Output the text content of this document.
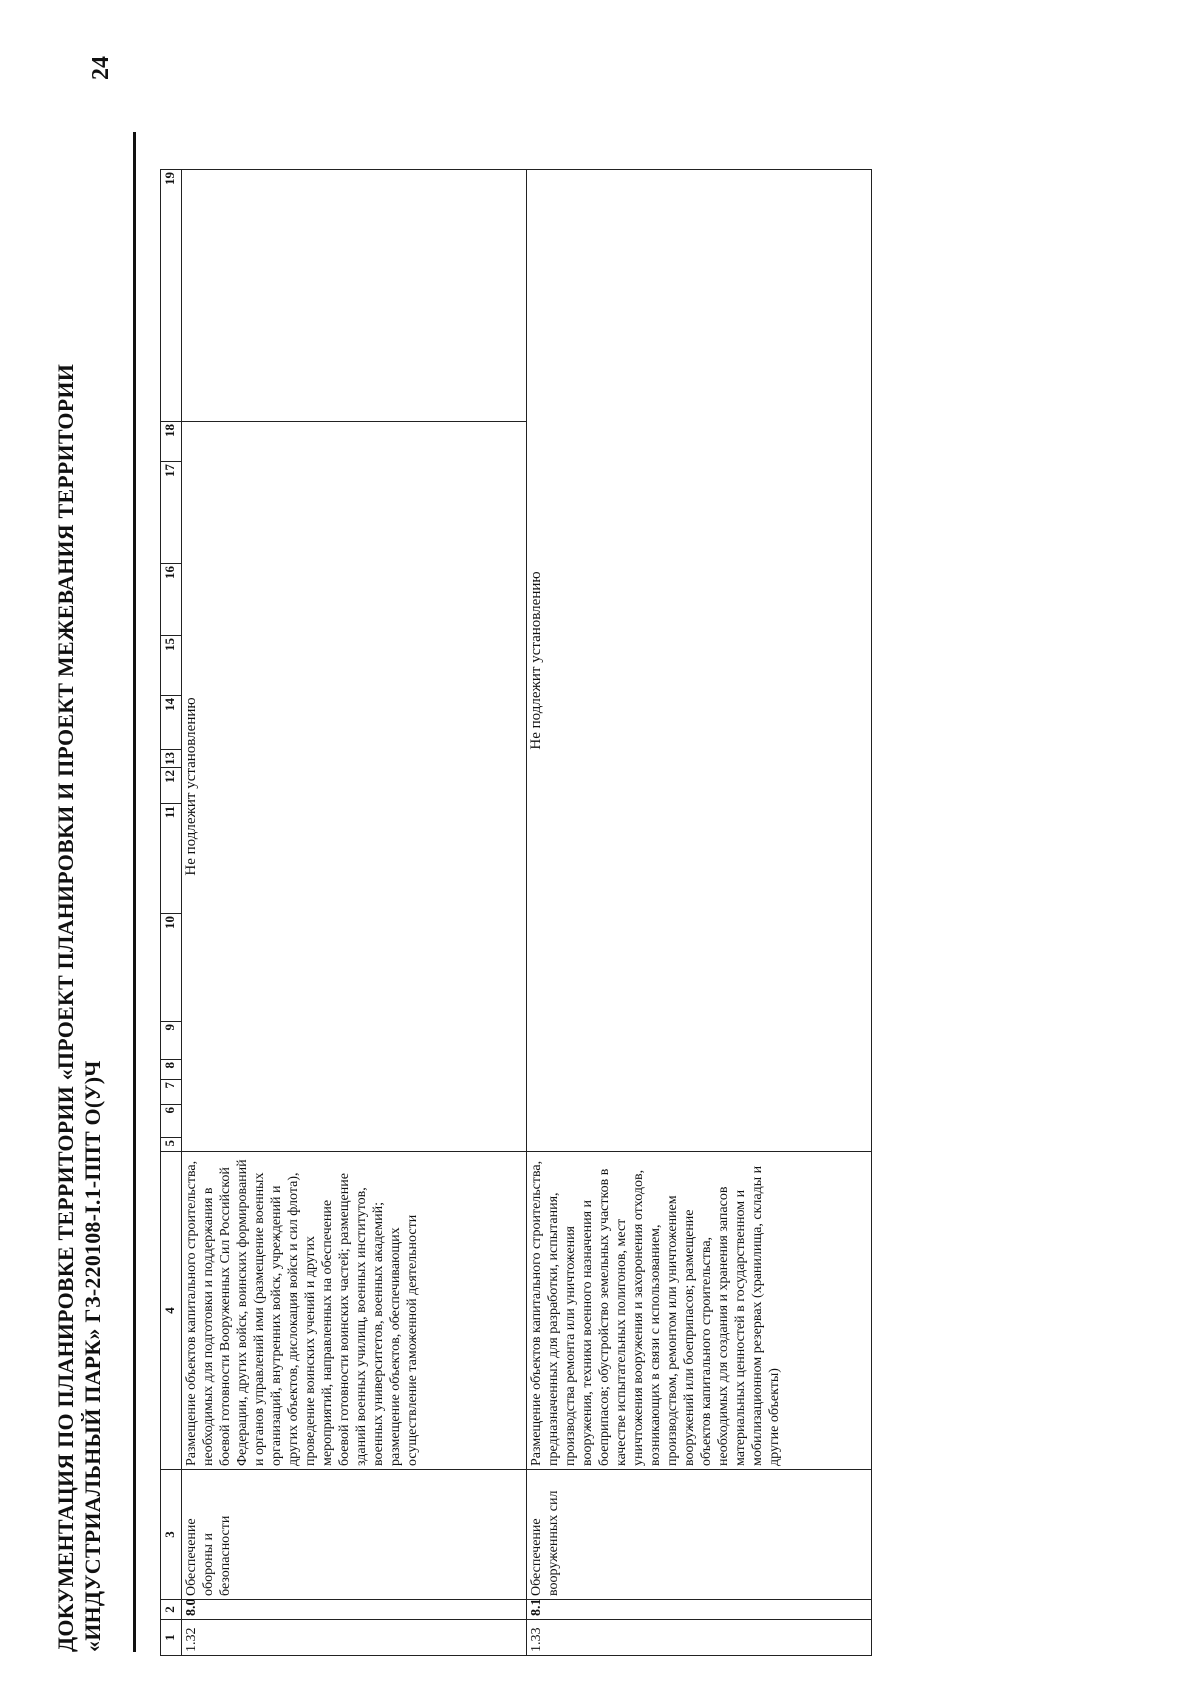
ДОКУМЕНТАЦИЯ ПО ПЛАНИРОВКЕ ТЕРРИТОРИИ «ПРОЕКТ ПЛАНИРОВКИ И ПРОЕКТ МЕЖЕВАНИЯ ТЕРРИТОРИИ «ИНДУСТРИАЛЬНЫЙ ПАРК» ГЗ-220108-I.1-ППТ О(У)Ч
24
1	2	3	4	5	6	7	8	9	10	11	12	13	14	15	16	17	18	19
1.32	8.0	Обеспечение обороны и безопасности	Размещение объектов капитального строительства, необходимых для подготовки и поддержания в боевой готовности Вооруженных Сил Российской Федерации, других войск, воинских формирований и органов управлений ими (размещение военных организаций, внутренних войск, учреждений и других объектов, дислокация войск и сил флота), проведение воинских учений и других мероприятий, направленных на обеспечение боевой готовности воинских частей; размещение зданий военных училищ, военных институтов, военных университетов, военных академий; размещение объектов, обеспечивающих осуществление таможенной деятельности	Не подлежит установлению														
1.33	8.1	Обеспечение вооруженных сил	Размещение объектов капитального строительства, предназначенных для разработки, испытания, производства ремонта или уничтожения вооружения, техники военного назначения и боеприпасов; обустройство земельных участков в качестве испытательных полигонов, мест уничтожения вооружения и захоронения отходов, возникающих в связи с использованием, производством, ремонтом или уничтожением вооружений или боеприпасов; размещение объектов капитального строительства, необходимых для создания и хранения запасов материальных ценностей в государственном и мобилизационном резервах (хранилища, склады и другие объекты)	Не подлежит установлению														
